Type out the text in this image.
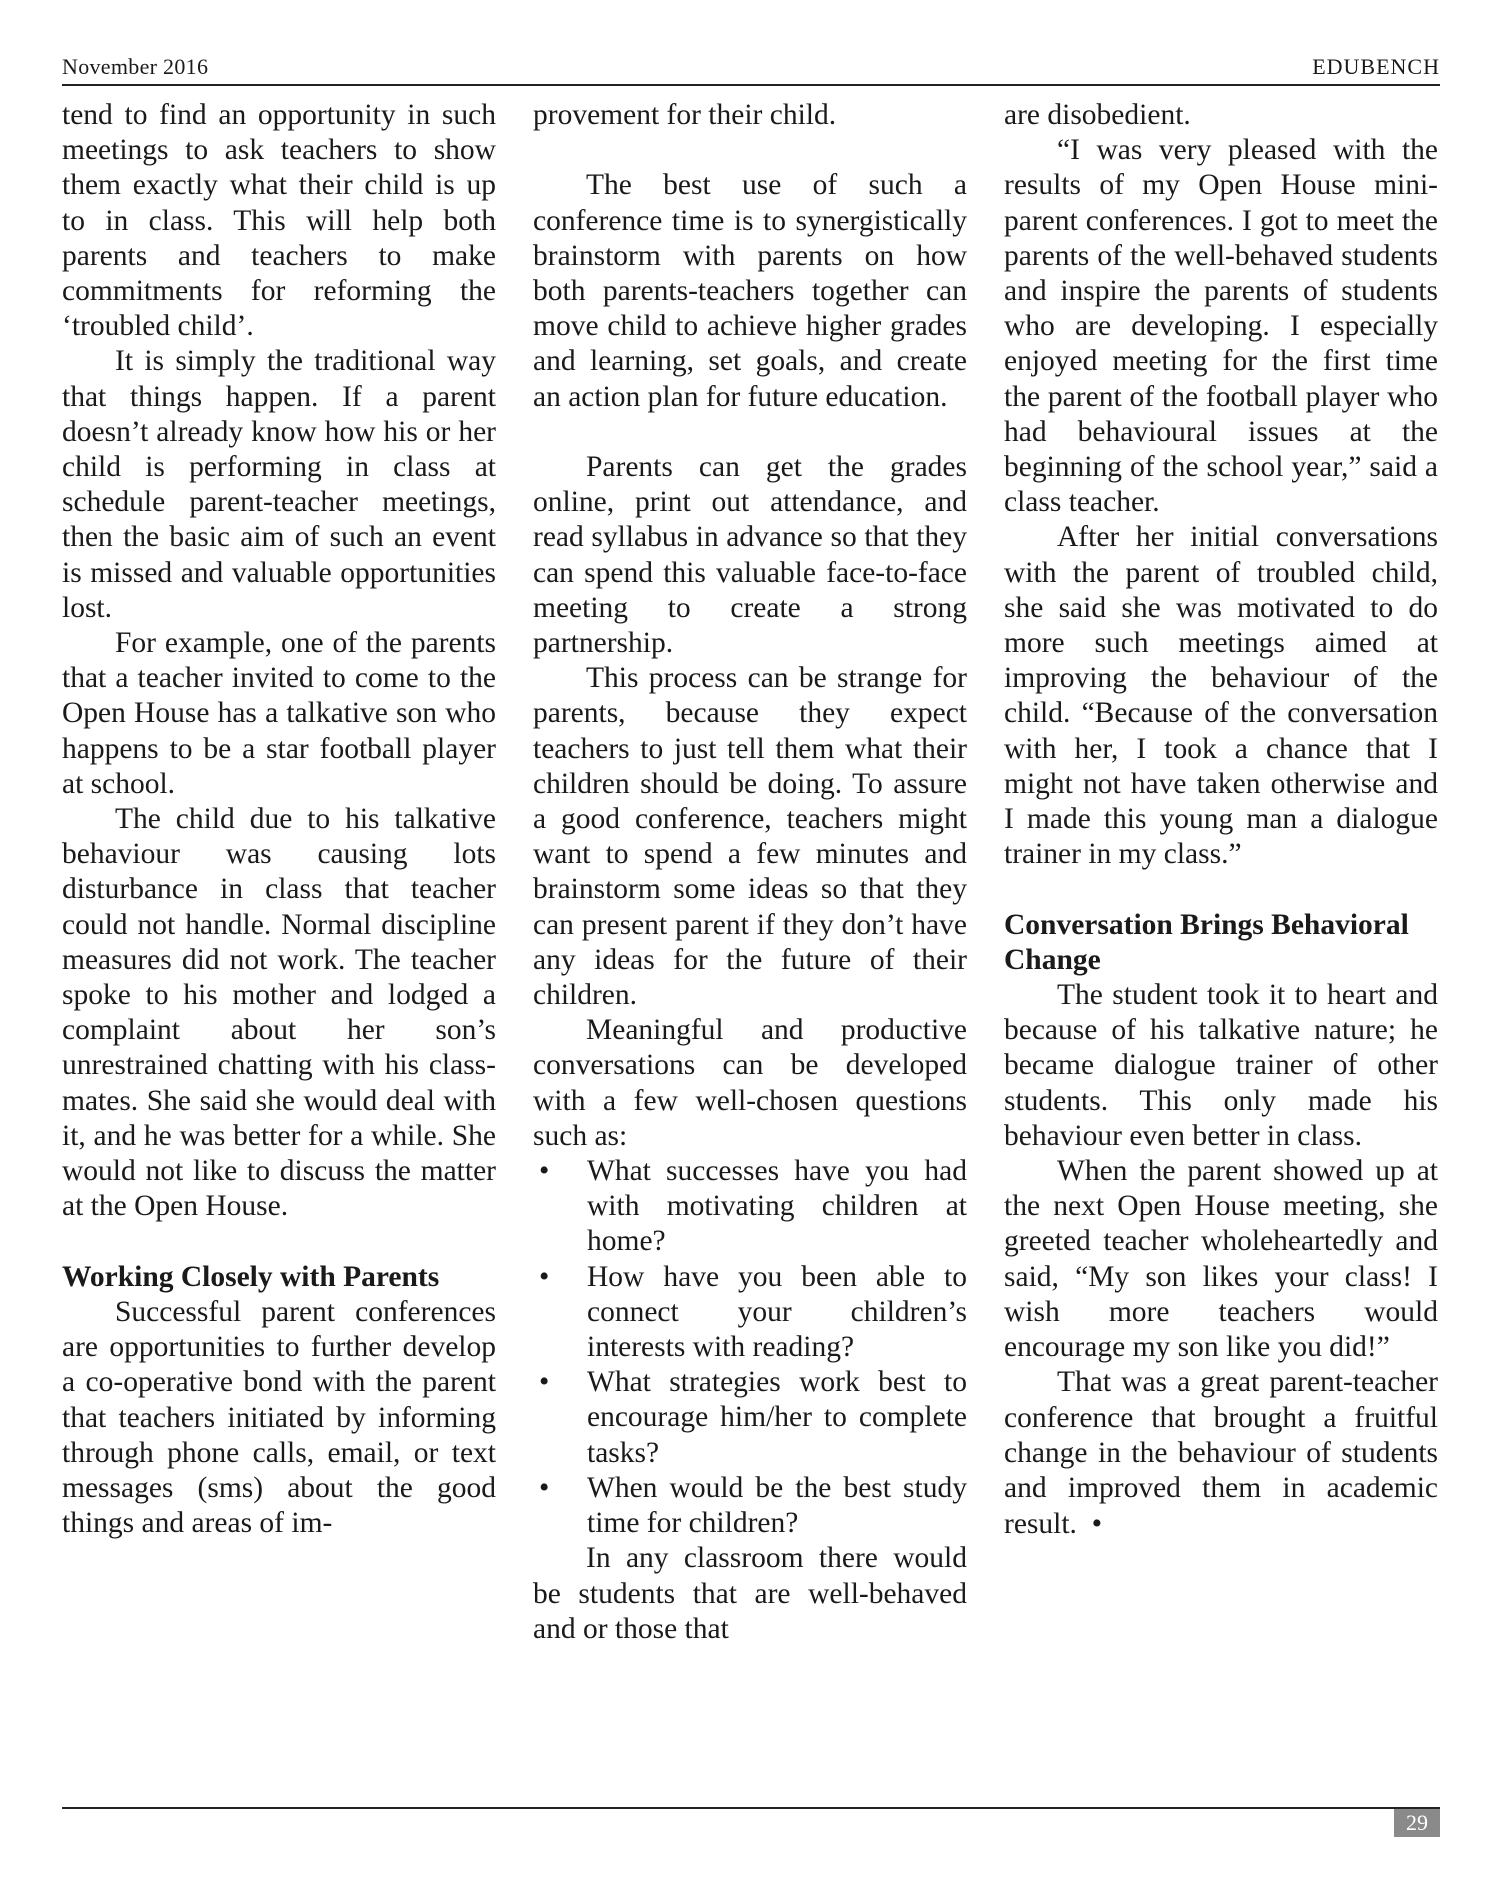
November 2016	EDUBENCH

tend to find an opportunity in such meetings to ask teachers to show them exactly what their child is up to in class. This will help both parents and teachers to make commitments for reforming the ‘troubled child’.

It is simply the traditional way that things happen. If a parent doesn’t already know how his or her child is performing in class at schedule parent-teacher meetings, then the basic aim of such an event is missed and valuable opportunities lost.

For example, one of the parents that a teacher invited to come to the Open House has a talkative son who happens to be a star football player at school.

The child due to his talkative behaviour was causing lots disturbance in class that teacher could not handle. Normal discipline measures did not work. The teacher spoke to his mother and lodged a complaint about her son’s unrestrained chatting with his class-mates. She said she would deal with it, and he was better for a while. She would not like to discuss the matter at the Open House.

Working Closely with Parents

Successful parent conferences are opportunities to further develop a co-operative bond with the parent that teachers initiated by informing through phone calls, email, or text messages (sms) about the good things and areas of im-

provement for their child.

The best use of such a conference time is to synergistically brainstorm with parents on how both parents-teachers together can move child to achieve higher grades and learning, set goals, and create an action plan for future education.

Parents can get the grades online, print out attendance, and read syllabus in advance so that they can spend this valuable face-to-face meeting to create a strong partnership.

This process can be strange for parents, because they expect teachers to just tell them what their children should be doing. To assure a good conference, teachers might want to spend a few minutes and brainstorm some ideas so that they can present parent if they don’t have any ideas for the future of their children.

Meaningful and productive conversations can be developed with a few well-chosen questions such as:

• What successes have you had with motivating children at home?
• How have you been able to connect your children’s interests with reading?
• What strategies work best to encourage him/her to complete tasks?
• When would be the best study time for children?

In any classroom there would be students that are well-behaved and or those that

are disobedient.

“I was very pleased with the results of my Open House mini-parent conferences. I got to meet the parents of the well-behaved students and inspire the parents of students who are developing. I especially enjoyed meeting for the first time the parent of the football player who had behavioural issues at the beginning of the school year,” said a class teacher.

After her initial conversations with the parent of troubled child, she said she was motivated to do more such meetings aimed at improving the behaviour of the child. “Because of the conversation with her, I took a chance that I might not have taken otherwise and I made this young man a dialogue trainer in my class.”

Conversation Brings Behavioral Change

The student took it to heart and because of his talkative nature; he became dialogue trainer of other students. This only made his behaviour even better in class.

When the parent showed up at the next Open House meeting, she greeted teacher wholeheartedly and said, “My son likes your class! I wish more teachers would encourage my son like you did!”

That was a great parent-teacher conference that brought a fruitful change in the behaviour of students and improved them in academic result. •

29
